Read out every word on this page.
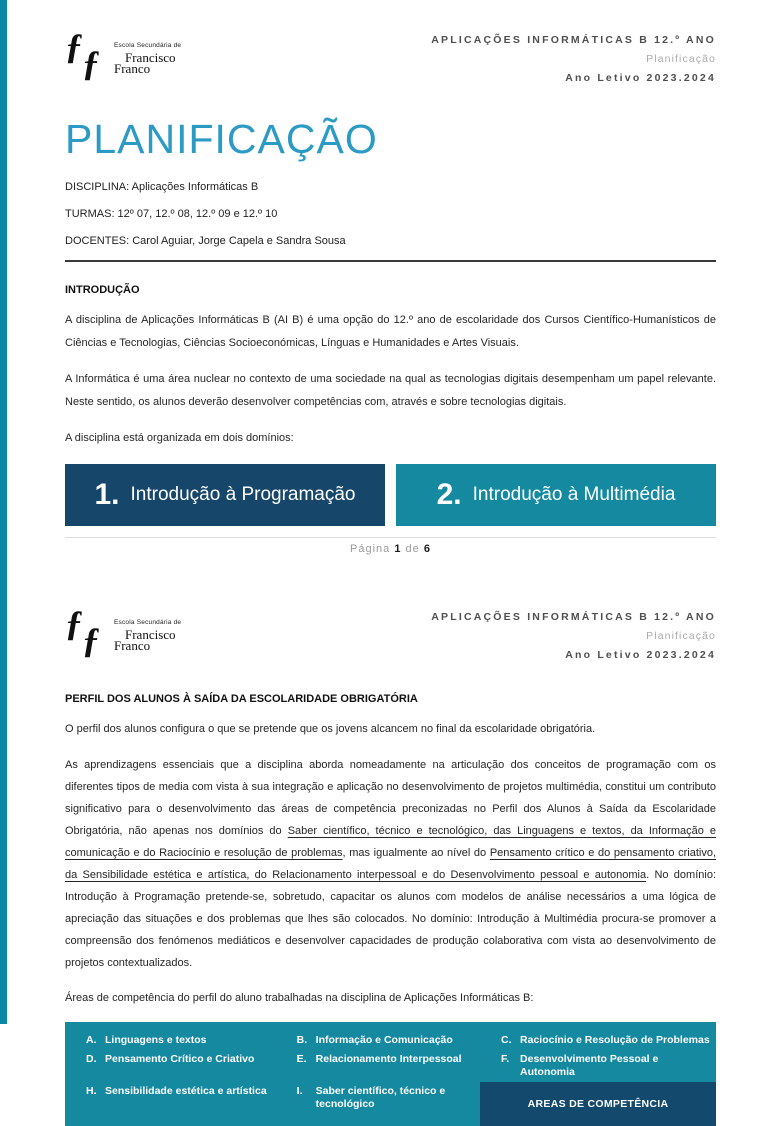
ƒ ƒ Escola Secundária de
Francisco
Franco
APLICAÇÕES INFORMÁTICAS B 12.º ANO
Planificação
Ano Letivo 2023.2024
PLANIFICAÇÃO
DISCIPLINA: Aplicações Informáticas B
TURMAS: 12º 07, 12.º 08, 12.º 09 e 12.º 10
DOCENTES: Carol Aguiar, Jorge Capela e Sandra Sousa
INTRODUÇÃO

A disciplina de Aplicações Informáticas B (AI B) é uma opção do 12.º ano de escolaridade dos Cursos Científico-Humanísticos de Ciências e Tecnologias, Ciências Socioeconómicas, Línguas e Humanidades e Artes Visuais.

A Informática é uma área nuclear no contexto de uma sociedade na qual as tecnologias digitais desempenham um papel relevante. Neste sentido, os alunos deverão desenvolver competências com, através e sobre tecnologias digitais.

A disciplina está organizada em dois domínios:

1. Introdução à Programação	2. Introdução à Multimédia
Página 1 de 6
ƒ ƒ Escola Secundária de
Francisco
Franco
APLICAÇÕES INFORMÁTICAS B 12.º ANO
Planificação
Ano Letivo 2023.2024
PERFIL DOS ALUNOS À SAÍDA DA ESCOLARIDADE OBRIGATÓRIA

O perfil dos alunos configura o que se pretende que os jovens alcancem no final da escolaridade obrigatória.

As aprendizagens essenciais que a disciplina aborda nomeadamente na articulação dos conceitos de programação com os diferentes tipos de media com vista à sua integração e aplicação no desenvolvimento de projetos multimédia, constitui um contributo significativo para o desenvolvimento das áreas de competência preconizadas no Perfil dos Alunos à Saída da Escolaridade Obrigatória, não apenas nos domínios do Saber científico, técnico e tecnológico, das Linguagens e textos, da Informação e comunicação e do Raciocínio e resolução de problemas, mas igualmente ao nível do Pensamento crítico e do pensamento criativo, da Sensibilidade estética e artística, do Relacionamento interpessoal e do Desenvolvimento pessoal e autonomia. No domínio: Introdução à Programação pretende-se, sobretudo, capacitar os alunos com modelos de análise necessários a uma lógica de apreciação das situações e dos problemas que lhes são colocados. No domínio: Introdução à Multimédia procura-se promover a compreensão dos fenómenos mediáticos e desenvolver capacidades de produção colaborativa com vista ao desenvolvimento de projetos contextualizados.

Áreas de competência do perfil do aluno trabalhadas na disciplina de Aplicações Informáticas B:

A. Linguagens e textos	B. Informação e Comunicação	C. Raciocínio e Resolução de Problemas
D. Pensamento Crítico e Criativo	E. Relacionamento Interpessoal	F.	Desenvolvimento Pessoal e Autonomia
H. Sensibilidade estética e artística	I.	Saber científico, técnico e tecnológico	AREAS DE COMPETÊNCIA
